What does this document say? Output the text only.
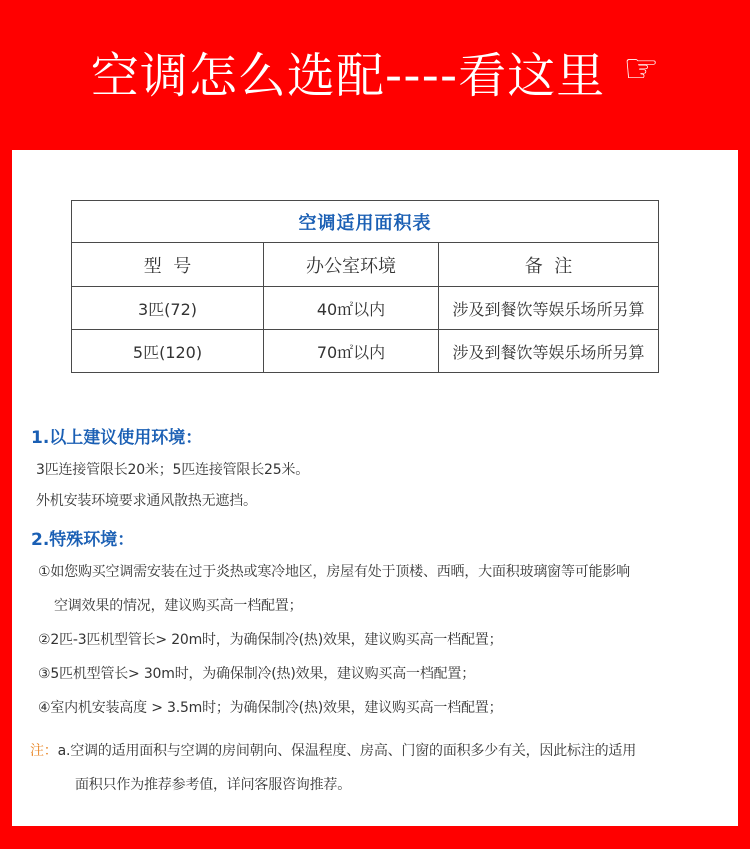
空调怎么选配----看这里 ☞
空调适用面积表		
型  号	办公室环境	备  注
3匹(72)	40㎡以内	涉及到餐饮等娱乐场所另算
5匹(120)	70㎡以内	涉及到餐饮等娱乐场所另算
1.以上建议使用环境：
3匹连接管限长20米；5匹连接管限长25米。
外机安装环境要求通风散热无遮挡。
2.特殊环境：
①如您购买空调需安装在过于炎热或寒冷地区，房屋有处于顶楼、西晒，大面积玻璃窗等可能影响
空调效果的情况，建议购买高一档配置；
②2匹-3匹机型管长> 20m时，为确保制冷(热)效果，建议购买高一档配置；
③5匹机型管长> 30m时，为确保制冷(热)效果，建议购买高一档配置；
④室内机安装高度 > 3.5m时；为确保制冷(热)效果，建议购买高一档配置；
注：a.空调的适用面积与空调的房间朝向、保温程度、房高、门窗的面积多少有关，因此标注的适用
面积只作为推荐参考值，详问客服咨询推荐。
